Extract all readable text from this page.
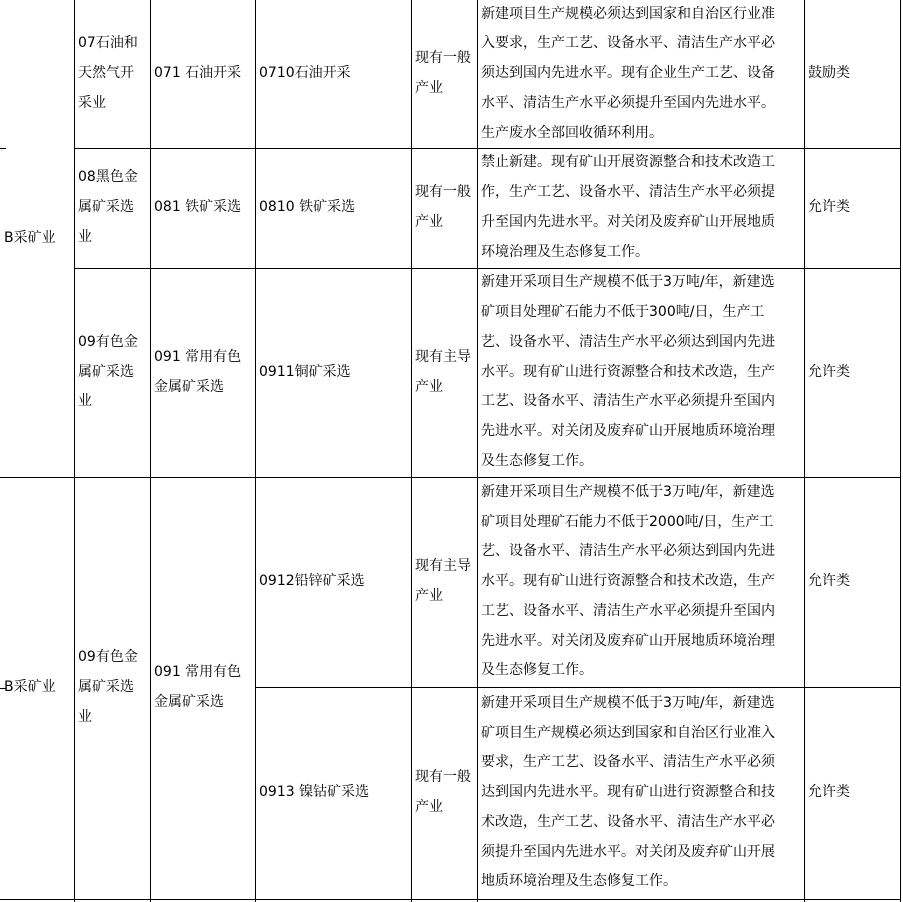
B采矿业
07石油和
天然气开
采业
071 石油开采 0710石油开采
现有一般
产业
新建项目生产规模必须达到国家和自治区行业准
入要求，生产工艺、设备水平、清洁生产水平必
须达到国内先进水平。现有企业生产工艺、设备
水平、清洁生产水平必须提升至国内先进水平。
生产废水全部回收循环利用。
鼓励类
08黑色金
属矿采选
业
081 铁矿采选 0810 铁矿采选
现有一般
产业
禁止新建。现有矿山开展资源整合和技术改造工
作，生产工艺、设备水平、清洁生产水平必须提
升至国内先进水平。对关闭及废弃矿山开展地质
环境治理及生态修复工作。
允许类
09有色金
属矿采选
业
091 常用有色
金属矿采选
0911铜矿采选
现有主导
产业
新建开采项目生产规模不低于3万吨/年，新建选
矿项目处理矿石能力不低于300吨/日，生产工
艺、设备水平、清洁生产水平必须达到国内先进
水平。现有矿山进行资源整合和技术改造，生产
工艺、设备水平、清洁生产水平必须提升至国内
先进水平。对关闭及废弃矿山开展地质环境治理
及生态修复工作。
允许类
B采矿业
09有色金
属矿采选
业
091 常用有色
金属矿采选
0912铅锌矿采选
现有主导
产业
新建开采项目生产规模不低于3万吨/年，新建选
矿项目处理矿石能力不低于2000吨/日，生产工
艺、设备水平、清洁生产水平必须达到国内先进
水平。现有矿山进行资源整合和技术改造，生产
工艺、设备水平、清洁生产水平必须提升至国内
先进水平。对关闭及废弃矿山开展地质环境治理
及生态修复工作。
允许类
0913 镍钴矿采选
现有一般
产业
新建开采项目生产规模不低于3万吨/年，新建选
矿项目生产规模必须达到国家和自治区行业准入
要求，生产工艺、设备水平、清洁生产水平必须
达到国内先进水平。现有矿山进行资源整合和技
术改造，生产工艺、设备水平、清洁生产水平必
须提升至国内先进水平。对关闭及废弃矿山开展
地质环境治理及生态修复工作。
允许类
